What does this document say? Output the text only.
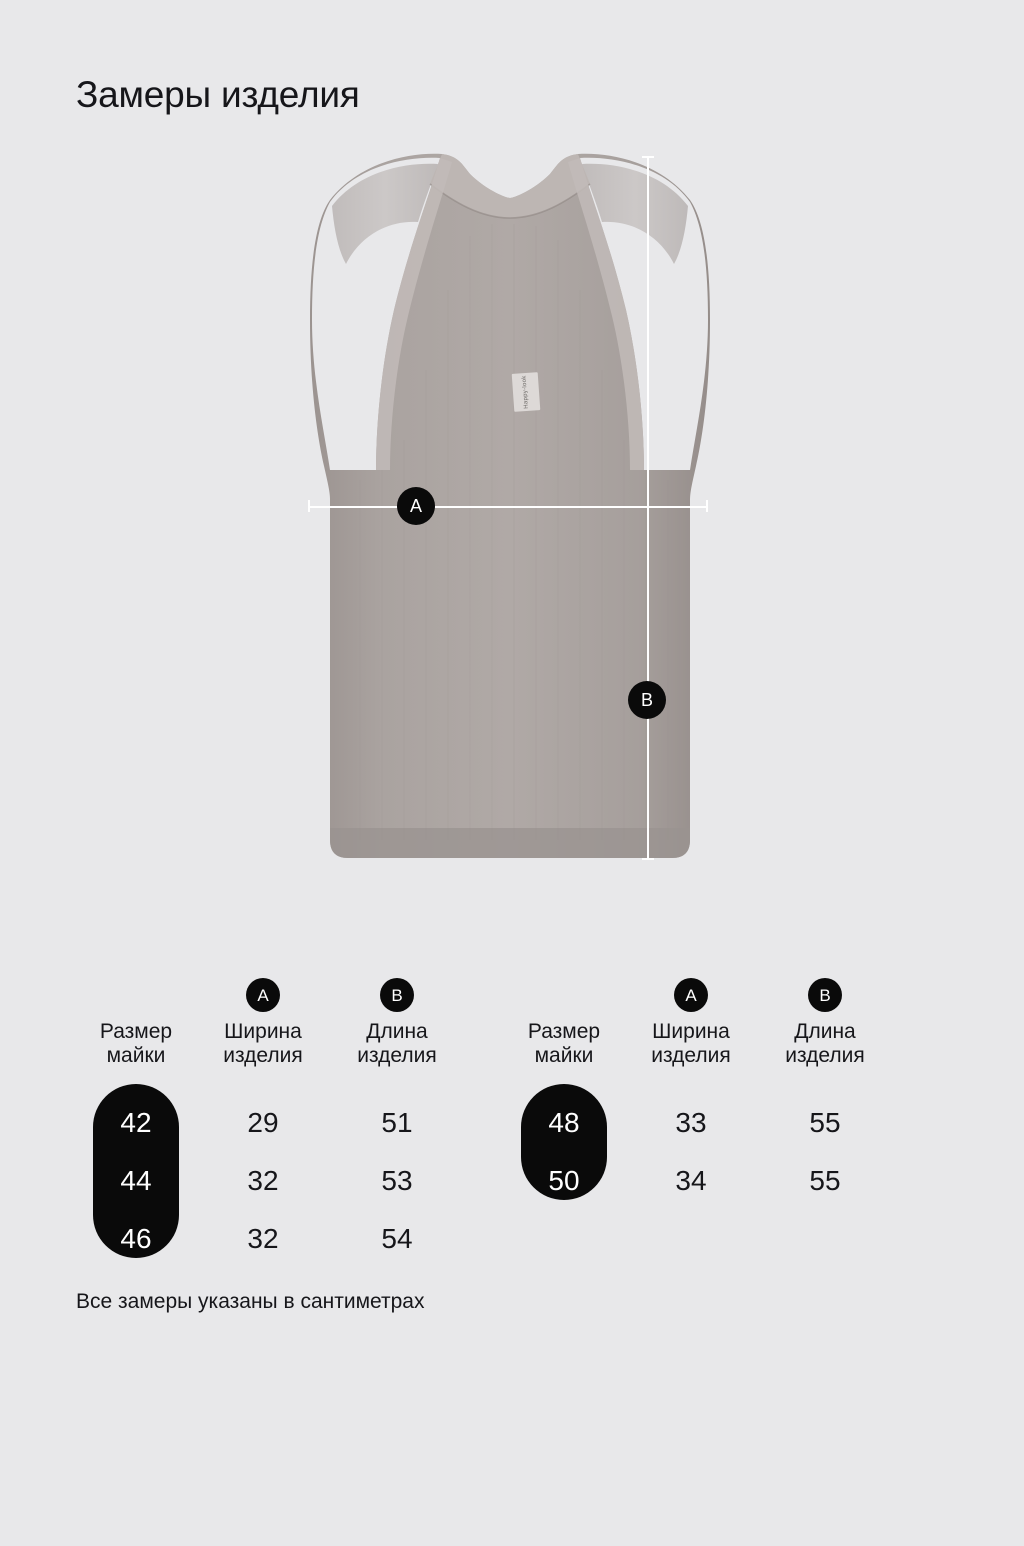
Замеры изделия
Happy-look
A
B
	A	B
Размер майки	Ширина изделия	Длина изделия
42	29	51
44	32	53
46	32	54
	A	B
Размер майки	Ширина изделия	Длина изделия
48	33	55
50	34	55
Все замеры указаны в сантиметрах
